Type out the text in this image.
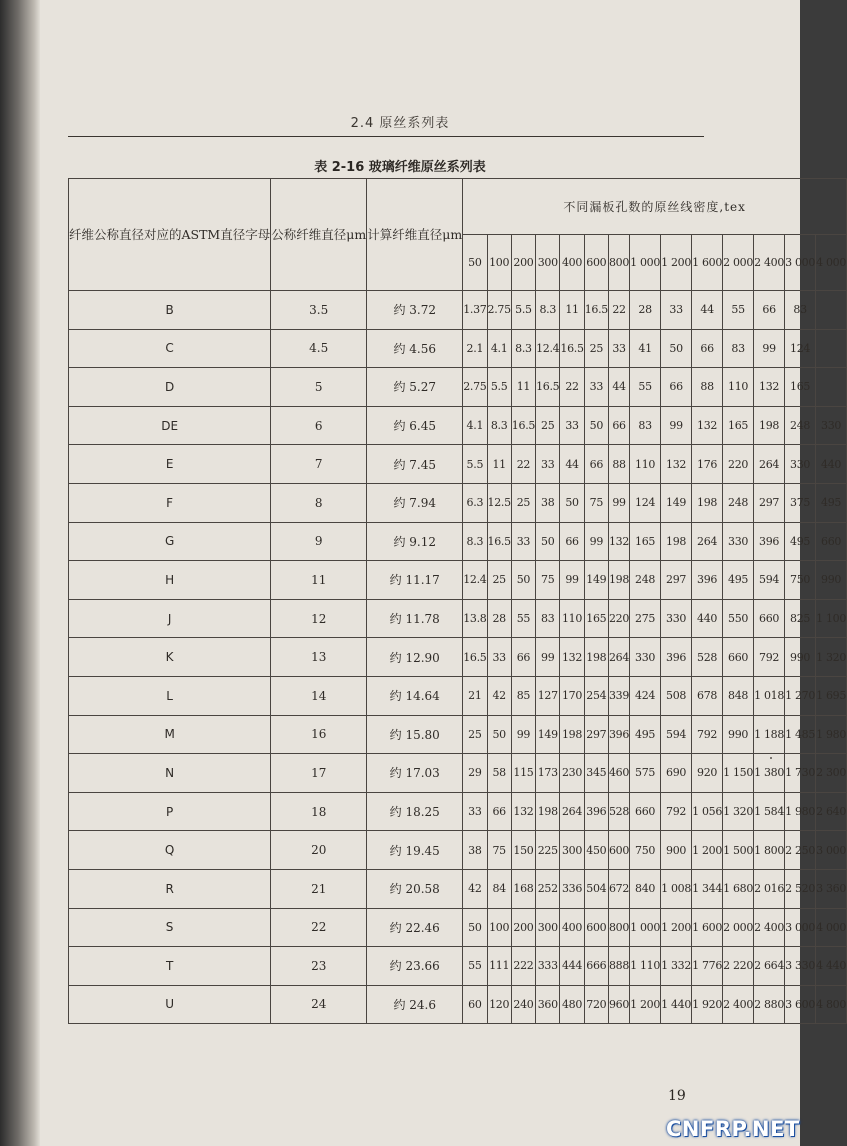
2.4 原丝系列表
表 2-16 玻璃纤维原丝系列表
纤维公称直径对应的ASTM直径字母	公称纤维直径μm	计算纤维直径μm	不同漏板孔数的原丝线密度,tex													
			50	100	200	300	400	600	800	1 000	1 200	1 600	2 000	2 400	3 000	4 000
B	3.5	约 3.72	1.37	2.75	5.5	8.3	11	16.5	22	28	33	44	55	66	83	
C	4.5	约 4.56	2.1	4.1	8.3	12.4	16.5	25	33	41	50	66	83	99	124	
D	5	约 5.27	2.75	5.5	11	16.5	22	33	44	55	66	88	110	132	165	
DE	6	约 6.45	4.1	8.3	16.5	25	33	50	66	83	99	132	165	198	248	330
E	7	约 7.45	5.5	11	22	33	44	66	88	110	132	176	220	264	330	440
F	8	约 7.94	6.3	12.5	25	38	50	75	99	124	149	198	248	297	375	495
G	9	约 9.12	8.3	16.5	33	50	66	99	132	165	198	264	330	396	495	660
H	11	约 11.17	12.4	25	50	75	99	149	198	248	297	396	495	594	750	990
J	12	约 11.78	13.8	28	55	83	110	165	220	275	330	440	550	660	825	1 100
K	13	约 12.90	16.5	33	66	99	132	198	264	330	396	528	660	792	990	1 320
L	14	约 14.64	21	42	85	127	170	254	339	424	508	678	848	1 018	1 270	1 695
M	16	约 15.80	25	50	99	149	198	297	396	495	594	792	990	1 188	1 485	1 980
N	17	约 17.03	29	58	115	173	230	345	460	575	690	920	1 150	1 380	1 730	2 300
P	18	约 18.25	33	66	132	198	264	396	528	660	792	1 056	1 320	1 584	1 980	2 640
Q	20	约 19.45	38	75	150	225	300	450	600	750	900	1 200	1 500	1 800	2 250	3 000
R	21	约 20.58	42	84	168	252	336	504	672	840	1 008	1 344	1 680	2 016	2 520	3 360
S	22	约 22.46	50	100	200	300	400	600	800	1 000	1 200	1 600	2 000	2 400	3 000	4 000
T	23	约 23.66	55	111	222	333	444	666	888	1 110	1 332	1 776	2 220	2 664	3 330	4 440
U	24	约 24.6	60	120	240	360	480	720	960	1 200	1 440	1 920	2 400	2 880	3 600	4 800
19
CNFRP.NET
